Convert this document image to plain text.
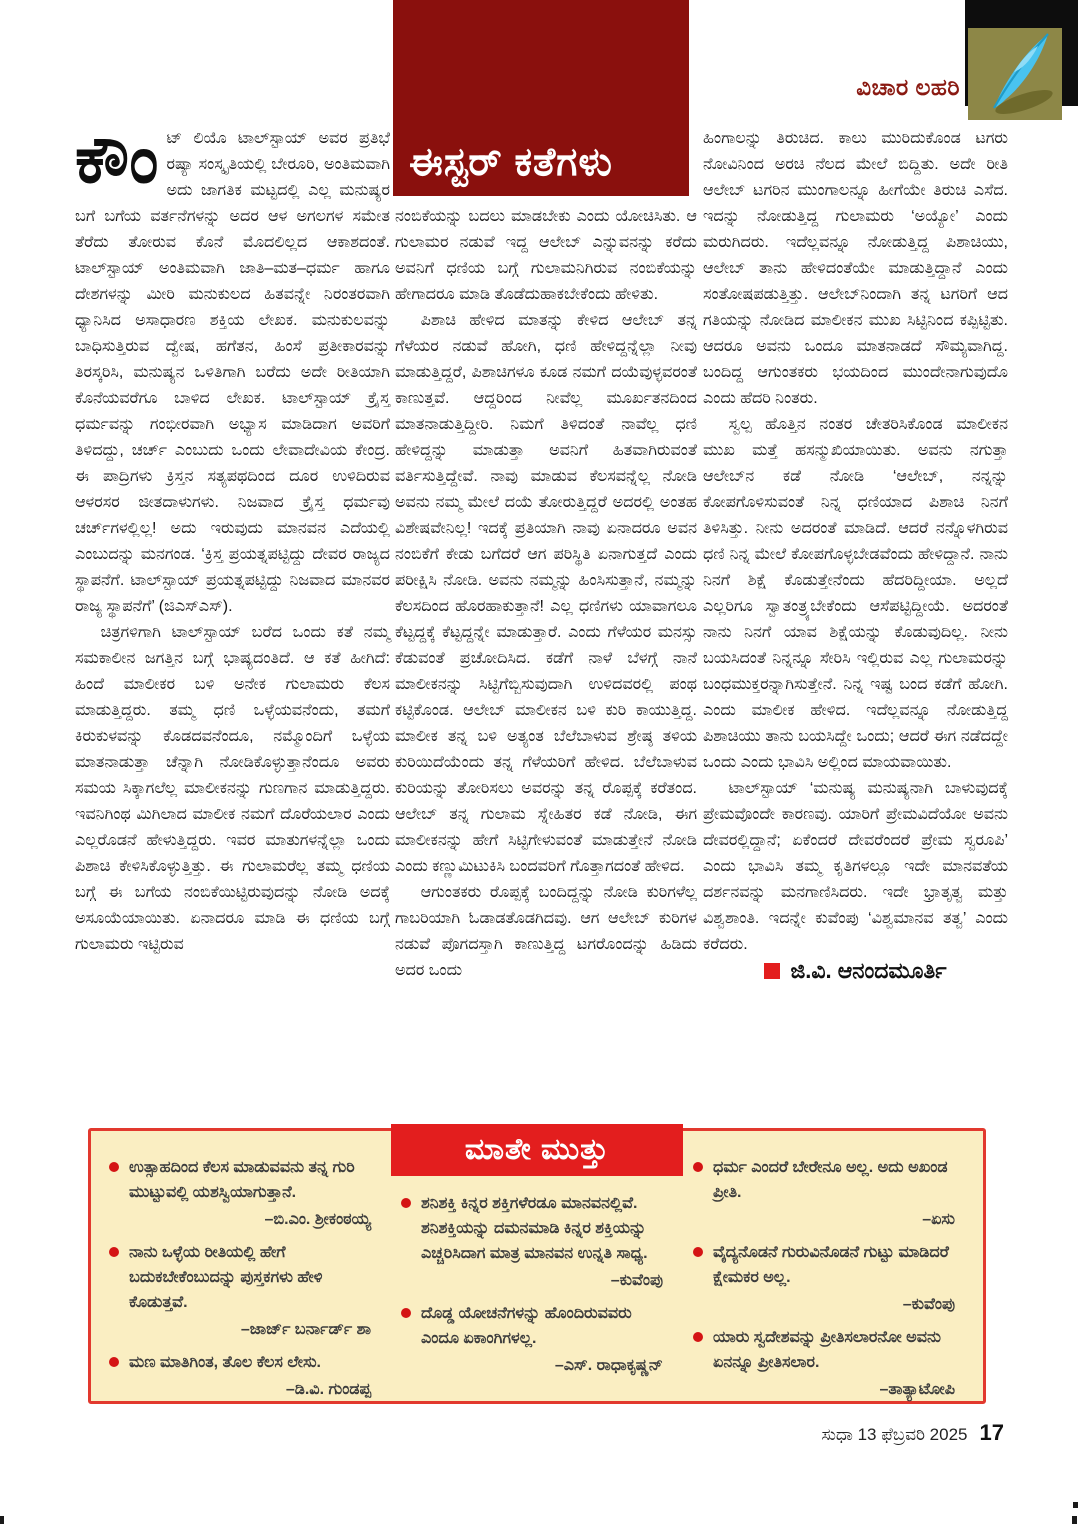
ವಿಚಾರ ಲಹರಿ
ಈಸ್ಟರ್ ಕತೆಗಳು

ಕೌಂಟ್ ಲಿಯೊ ಟಾಲ್‌ಸ್ಟಾಯ್ ಅವರ ಪ್ರತಿಭೆ ರಷ್ಯಾ ಸಂಸ್ಕೃತಿಯಲ್ಲಿ ಬೇರೂರಿ, ಅಂತಿಮವಾಗಿ ಅದು ಜಾಗತಿಕ ಮಟ್ಟದಲ್ಲಿ ಎಲ್ಲ ಮನುಷ್ಯರ ಬಗೆ ಬಗೆಯ ವರ್ತನೆಗಳನ್ನು ಅದರ ಆಳ ಅಗಲಗಳ ಸಮೇತ ತೆರೆದು ತೋರುವ ಕೊನೆ ಮೊದಲಿಲ್ಲದ ಆಕಾಶದಂತೆ. ಟಾಲ್‌ಸ್ಟಾಯ್ ಅಂತಿಮವಾಗಿ ಜಾತಿ–ಮತ–ಧರ್ಮ ಹಾಗೂ ದೇಶಗಳನ್ನು ಮೀರಿ ಮನುಕುಲದ ಹಿತವನ್ನೇ ನಿರಂತರವಾಗಿ ಧ್ಯಾನಿಸಿದ ಅಸಾಧಾರಣ ಶಕ್ತಿಯ ಲೇಖಕ. ಮನುಕುಲವನ್ನು ಬಾಧಿಸುತ್ತಿರುವ ದ್ವೇಷ, ಹಗೆತನ, ಹಿಂಸೆ ಪ್ರತೀಕಾರವನ್ನು ತಿರಸ್ಕರಿಸಿ, ಮನುಷ್ಯನ ಒಳಿತಿಗಾಗಿ ಬರೆದು ಅದೇ ರೀತಿಯಾಗಿ ಕೊನೆಯವರೆಗೂ ಬಾಳಿದ ಲೇಖಕ. ಟಾಲ್‌ಸ್ಟಾಯ್ ಕ್ರೈಸ್ತ ಧರ್ಮವನ್ನು ಗಂಭೀರವಾಗಿ ಅಭ್ಯಾಸ ಮಾಡಿದಾಗ ಅವರಿಗೆ ತಿಳಿದದ್ದು, ಚರ್ಚ್ ಎಂಬುದು ಒಂದು ಲೇವಾದೇವಿಯ ಕೇಂದ್ರ. ಈ ಪಾದ್ರಿಗಳು ಕ್ರಿಸ್ತನ ಸತ್ಯಪಥದಿಂದ ದೂರ ಉಳಿದಿರುವ ಆಳರಸರ ಜೀತದಾಳುಗಳು. ನಿಜವಾದ ಕ್ರೈಸ್ತ ಧರ್ಮವು ಚರ್ಚ್‌ಗಳಲ್ಲಿಲ್ಲ! ಅದು ಇರುವುದು ಮಾನವನ ಎದೆಯಲ್ಲಿ ಎಂಬುದನ್ನು ಮನಗಂಡ. ‘ಕ್ರಿಸ್ತ ಪ್ರಯತ್ನಪಟ್ಟಿದ್ದು ದೇವರ ರಾಜ್ಯದ ಸ್ಥಾಪನೆಗೆ. ಟಾಲ್‌ಸ್ಟಾಯ್ ಪ್ರಯತ್ನಪಟ್ಟಿದ್ದು ನಿಜವಾದ ಮಾನವರ ರಾಜ್ಯ ಸ್ಥಾಪನೆಗೆ’ (ಜಿಎಸ್‌ಎಸ್).

ಚಿತ್ರಗಳಿಗಾಗಿ ಟಾಲ್‌ಸ್ಟಾಯ್ ಬರೆದ ಒಂದು ಕತೆ ನಮ್ಮ ಸಮಕಾಲೀನ ಜಗತ್ತಿನ ಬಗ್ಗೆ ಭಾಷ್ಯದಂತಿದೆ. ಆ ಕತೆ ಹೀಗಿದೆ: ಹಿಂದೆ ಮಾಲೀಕರ ಬಳಿ ಅನೇಕ ಗುಲಾಮರು ಕೆಲಸ ಮಾಡುತ್ತಿದ್ದರು. ತಮ್ಮ ಧಣಿ ಒಳ್ಳೆಯವನೆಂದು, ತಮಗೆ ಕಿರುಕುಳವನ್ನು ಕೊಡದವನೆಂದೂ, ನಮ್ಮೊಂದಿಗೆ ಒಳ್ಳೆಯ ಮಾತನಾಡುತ್ತಾ ಚೆನ್ನಾಗಿ ನೋಡಿಕೊಳ್ಳುತ್ತಾನೆಂದೂ ಅವರು ಸಮಯ ಸಿಕ್ಕಾಗಲೆಲ್ಲ ಮಾಲೀಕನನ್ನು ಗುಣಗಾನ ಮಾಡುತ್ತಿದ್ದರು. ಇವನಿಗಿಂಥ ಮಿಗಿಲಾದ ಮಾಲೀಕ ನಮಗೆ ದೊರೆಯಲಾರ ಎಂದು ಎಲ್ಲರೊಡನೆ ಹೇಳುತ್ತಿದ್ದರು. ಇವರ ಮಾತುಗಳನ್ನೆಲ್ಲಾ ಒಂದು ಪಿಶಾಚಿ ಕೇಳಿಸಿಕೊಳ್ಳುತ್ತಿತ್ತು. ಈ ಗುಲಾಮರೆಲ್ಲ ತಮ್ಮ ಧಣಿಯ ಬಗ್ಗೆ ಈ ಬಗೆಯ ನಂಬಿಕೆಯಿಟ್ಟಿರುವುದನ್ನು ನೋಡಿ ಅದಕ್ಕೆ ಅಸೂಯೆಯಾಯಿತು. ಏನಾದರೂ ಮಾಡಿ ಈ ಧಣಿಯ ಬಗ್ಗೆ ಗುಲಾಮರು ಇಟ್ಟಿರುವ

ನಂಬಿಕೆಯನ್ನು ಬದಲು ಮಾಡಬೇಕು ಎಂದು ಯೋಚಿಸಿತು. ಆ ಗುಲಾಮರ ನಡುವೆ ಇದ್ದ ಆಲೇಬ್ ಎನ್ನುವನನ್ನು ಕರೆದು ಅವನಿಗೆ ಧಣಿಯ ಬಗ್ಗೆ ಗುಲಾಮನಿಗಿರುವ ನಂಬಿಕೆಯನ್ನು ಹೇಗಾದರೂ ಮಾಡಿ ತೊಡೆದುಹಾಕಬೇಕೆಂದು ಹೇಳಿತು.

ಪಿಶಾಚಿ ಹೇಳಿದ ಮಾತನ್ನು ಕೇಳಿದ ಆಲೇಬ್ ತನ್ನ ಗೆಳೆಯರ ನಡುವೆ ಹೋಗಿ, ಧಣಿ ಹೇಳಿದ್ದನ್ನೆಲ್ಲಾ ನೀವು ಮಾಡುತ್ತಿದ್ದರೆ, ಪಿಶಾಚಿಗಳೂ ಕೂಡ ನಮಗೆ ದಯೆವುಳ್ಳವರಂತೆ ಕಾಣುತ್ತವೆ. ಆದ್ದರಿಂದ ನೀವೆಲ್ಲ ಮೂರ್ಖತನದಿಂದ ಮಾತನಾಡುತ್ತಿದ್ದೀರಿ. ನಿಮಗೆ ತಿಳಿದಂತೆ ನಾವೆಲ್ಲ ಧಣಿ ಹೇಳಿದ್ದನ್ನು ಮಾಡುತ್ತಾ ಅವನಿಗೆ ಹಿತವಾಗಿರುವಂತೆ ವರ್ತಿಸುತ್ತಿದ್ದೇವೆ. ನಾವು ಮಾಡುವ ಕೆಲಸವನ್ನೆಲ್ಲ ನೋಡಿ ಅವನು ನಮ್ಮ ಮೇಲೆ ದಯೆ ತೋರುತ್ತಿದ್ದರೆ ಅದರಲ್ಲಿ ಅಂತಹ ವಿಶೇಷವೇನಿಲ್ಲ! ಇದಕ್ಕೆ ಪ್ರತಿಯಾಗಿ ನಾವು ಏನಾದರೂ ಅವನ ನಂಬಿಕೆಗೆ ಕೇಡು ಬಗೆದರೆ ಆಗ ಪರಿಸ್ಥಿತಿ ಏನಾಗುತ್ತದೆ ಎಂದು ಪರೀಕ್ಷಿಸಿ ನೋಡಿ. ಅವನು ನಮ್ಮನ್ನು ಹಿಂಸಿಸುತ್ತಾನೆ, ನಮ್ಮನ್ನು ಕೆಲಸದಿಂದ ಹೊರಹಾಕುತ್ತಾನೆ! ಎಲ್ಲ ಧಣಿಗಳು ಯಾವಾಗಲೂ ಕೆಟ್ಟದ್ದಕ್ಕೆ ಕೆಟ್ಟದ್ದನ್ನೇ ಮಾಡುತ್ತಾರೆ. ಎಂದು ಗೆಳೆಯರ ಮನಸ್ಸು ಕೆಡುವಂತೆ ಪ್ರಚೋದಿಸಿದ. ಕಡೆಗೆ ನಾಳೆ ಬೆಳಗ್ಗೆ ನಾನೆ ಮಾಲೀಕನನ್ನು ಸಿಟ್ಟಿಗೆಬ್ಬಿಸುವುದಾಗಿ ಉಳಿದವರಲ್ಲಿ ಪಂಥ ಕಟ್ಟಿಕೊಂಡ. ಆಲೇಬ್ ಮಾಲೀಕನ ಬಳಿ ಕುರಿ ಕಾಯುತ್ತಿದ್ದ. ಮಾಲೀಕ ತನ್ನ ಬಳಿ ಅತ್ಯಂತ ಬೆಲೆಬಾಳುವ ಶ್ರೇಷ್ಠ ತಳಿಯ ಕುರಿಯಿದೆಯೆಂದು ತನ್ನ ಗೆಳೆಯರಿಗೆ ಹೇಳಿದ. ಬೆಲೆಬಾಳುವ ಕುರಿಯನ್ನು ತೋರಿಸಲು ಅವರನ್ನು ತನ್ನ ರೊಪ್ಪಕ್ಕೆ ಕರೆತಂದ. ಆಲೇಬ್ ತನ್ನ ಗುಲಾಮ ಸ್ನೇಹಿತರ ಕಡೆ ನೋಡಿ, ಈಗ ಮಾಲೀಕನನ್ನು ಹೇಗೆ ಸಿಟ್ಟಿಗೇಳುವಂತೆ ಮಾಡುತ್ತೇನೆ ನೋಡಿ ಎಂದು ಕಣ್ಣುಮಿಟುಕಿಸಿ ಬಂದವರಿಗೆ ಗೊತ್ತಾಗದಂತೆ ಹೇಳಿದ.

ಆಗುಂತಕರು ರೊಪ್ಪಕ್ಕೆ ಬಂದಿದ್ದನ್ನು ನೋಡಿ ಕುರಿಗಳೆಲ್ಲ ಗಾಬರಿಯಾಗಿ ಓಡಾಡತೊಡಗಿದವು. ಆಗ ಆಲೇಬ್ ಕುರಿಗಳ ನಡುವೆ ಪೊಗದಸ್ತಾಗಿ ಕಾಣುತ್ತಿದ್ದ ಟಗರೊಂದನ್ನು ಹಿಡಿದು ಅದರ ಒಂದು

ಹಿಂಗಾಲನ್ನು ತಿರುಚಿದ. ಕಾಲು ಮುರಿದುಕೊಂಡ ಟಗರು ನೋವಿನಿಂದ ಅರಚಿ ನೆಲದ ಮೇಲೆ ಬಿದ್ದಿತು. ಅದೇ ರೀತಿ ಆಲೇಬ್ ಟಗರಿನ ಮುಂಗಾಲನ್ನೂ ಹೀಗೆಯೇ ತಿರುಚಿ ಎಸೆದ. ಇದನ್ನು ನೋಡುತ್ತಿದ್ದ ಗುಲಾಮರು ‘ಅಯ್ಯೋ’ ಎಂದು ಮರುಗಿದರು. ಇದೆಲ್ಲವನ್ನೂ ನೋಡುತ್ತಿದ್ದ ಪಿಶಾಚಿಯು, ಆಲೇಬ್ ತಾನು ಹೇಳಿದಂತೆಯೇ ಮಾಡುತ್ತಿದ್ದಾನೆ ಎಂದು ಸಂತೋಷಪಡುತ್ತಿತ್ತು. ಆಲೇಬ್‌ನಿಂದಾಗಿ ತನ್ನ ಟಗರಿಗೆ ಆದ ಗತಿಯನ್ನು ನೋಡಿದ ಮಾಲೀಕನ ಮುಖ ಸಿಟ್ಟಿನಿಂದ ಕಪ್ಪಿಟ್ಟಿತು. ಆದರೂ ಅವನು ಒಂದೂ ಮಾತನಾಡದೆ ಸೌಮ್ಯವಾಗಿದ್ದ. ಬಂದಿದ್ದ ಆಗುಂತಕರು ಭಯದಿಂದ ಮುಂದೇನಾಗುವುದೊ ಎಂದು ಹೆದರಿ ನಿಂತರು.

ಸ್ವಲ್ಪ ಹೊತ್ತಿನ ನಂತರ ಚೇತರಿಸಿಕೊಂಡ ಮಾಲೀಕನ ಮುಖ ಮತ್ತೆ ಹಸನ್ಮುಖಿಯಾಯಿತು. ಅವನು ನಗುತ್ತಾ ಆಲೇಬ್‌ನ ಕಡೆ ನೋಡಿ ‘ಆಲೇಬ್, ನನ್ನನ್ನು ಕೋಪಗೊಳಿಸುವಂತೆ ನಿನ್ನ ಧಣಿಯಾದ ಪಿಶಾಚಿ ನಿನಗೆ ತಿಳಿಸಿತ್ತು. ನೀನು ಅದರಂತೆ ಮಾಡಿದೆ. ಆದರೆ ನನ್ನೊಳಗಿರುವ ಧಣಿ ನಿನ್ನ ಮೇಲೆ ಕೋಪಗೊಳ್ಳಬೇಡವೆಂದು ಹೇಳಿದ್ದಾನೆ. ನಾನು ನಿನಗೆ ಶಿಕ್ಷೆ ಕೊಡುತ್ತೇನೆಂದು ಹೆದರಿದ್ದೀಯಾ. ಅಲ್ಲದೆ ಎಲ್ಲರಿಗೂ ಸ್ವಾತಂತ್ರ್ಯಬೇಕೆಂದು ಆಸೆಪಟ್ಟಿದ್ದೀಯೆ. ಅದರಂತೆ ನಾನು ನಿನಗೆ ಯಾವ ಶಿಕ್ಷೆಯನ್ನು ಕೊಡುವುದಿಲ್ಲ. ನೀನು ಬಯಸಿದಂತೆ ನಿನ್ನನ್ನೂ ಸೇರಿಸಿ ಇಲ್ಲಿರುವ ಎಲ್ಲ ಗುಲಾಮರನ್ನು ಬಂಧಮುಕ್ತರನ್ನಾಗಿಸುತ್ತೇನೆ. ನಿನ್ನ ಇಷ್ಟ ಬಂದ ಕಡೆಗೆ ಹೋಗಿ. ಎಂದು ಮಾಲೀಕ ಹೇಳಿದ. ಇದೆಲ್ಲವನ್ನೂ ನೋಡುತ್ತಿದ್ದ ಪಿಶಾಚಿಯು ತಾನು ಬಯಸಿದ್ದೇ ಒಂದು; ಆದರೆ ಈಗ ನಡೆದದ್ದೇ ಒಂದು ಎಂದು ಭಾವಿಸಿ ಅಲ್ಲಿಂದ ಮಾಯವಾಯಿತು.

ಟಾಲ್‌ಸ್ಟಾಯ್ ‘ಮನುಷ್ಯ ಮನುಷ್ಯನಾಗಿ ಬಾಳುವುದಕ್ಕೆ ಪ್ರೇಮವೊಂದೇ ಕಾರಣವು. ಯಾರಿಗೆ ಪ್ರೇಮವಿದೆಯೋ ಅವನು ದೇವರಲ್ಲಿದ್ದಾನೆ; ಏಕೆಂದರೆ ದೇವರೆಂದರೆ ಪ್ರೇಮ ಸ್ವರೂಪಿ’ ಎಂದು ಭಾವಿಸಿ ತಮ್ಮ ಕೃತಿಗಳಲ್ಲೂ ಇದೇ ಮಾನವತೆಯ ದರ್ಶನವನ್ನು ಮನಗಾಣಿಸಿದರು. ಇದೇ ಭ್ರಾತೃತ್ವ ಮತ್ತು ವಿಶ್ವಶಾಂತಿ. ಇದನ್ನೇ ಕುವೆಂಪು ‘ವಿಶ್ವಮಾನವ ತತ್ವ’ ಎಂದು ಕರೆದರು.

ಜಿ.ವಿ. ಆನಂದಮೂರ್ತಿ

ಮಾತೇ ಮುತ್ತು
ಉತ್ಸಾಹದಿಂದ ಕೆಲಸ ಮಾಡುವವನು ತನ್ನ ಗುರಿ ಮುಟ್ಟುವಲ್ಲಿ ಯಶಸ್ವಿಯಾಗುತ್ತಾನೆ.
–ಬಿ.ಎಂ. ಶ್ರೀಕಂಠಯ್ಯ
ನಾನು ಒಳ್ಳೆಯ ರೀತಿಯಲ್ಲಿ ಹೇಗೆ ಬದುಕಬೇಕೆಂಬುದನ್ನು ಪುಸ್ತಕಗಳು ಹೇಳಿ ಕೊಡುತ್ತವೆ.
–ಜಾರ್ಜ್ ಬರ್ನಾರ್ಡ್ ಶಾ
ಮಣ ಮಾತಿಗಿಂತ, ತೊಲ ಕೆಲಸ ಲೇಸು.
–ಡಿ.ವಿ. ಗುಂಡಪ್ಪ
ಶನಿಶಕ್ತಿ ಕಿನ್ನರ ಶಕ್ತಿಗಳೆರಡೂ ಮಾನವನಲ್ಲಿವೆ. ಶನಿಶಕ್ತಿಯನ್ನು ದಮನಮಾಡಿ ಕಿನ್ನರ ಶಕ್ತಿಯನ್ನು ಎಚ್ಚರಿಸಿದಾಗ ಮಾತ್ರ ಮಾನವನ ಉನ್ನತಿ ಸಾಧ್ಯ.
–ಕುವೆಂಪು
ದೊಡ್ಡ ಯೋಚನೆಗಳನ್ನು ಹೊಂದಿರುವವರು ಎಂದೂ ಏಕಾಂಗಿಗಳಲ್ಲ.
–ಎಸ್. ರಾಧಾಕೃಷ್ಣನ್
ಧರ್ಮ ಎಂದರೆ ಬೇರೇನೂ ಅಲ್ಲ. ಅದು ಅಖಂಡ ಪ್ರೀತಿ.
–ಏಸು
ವೈದ್ಯನೊಡನೆ ಗುರುವಿನೊಡನೆ ಗುಟ್ಟು ಮಾಡಿದರೆ ಕ್ಷೇಮಕರ ಅಲ್ಲ.
–ಕುವೆಂಪು
ಯಾರು ಸ್ವದೇಶವನ್ನು ಪ್ರೀತಿಸಲಾರನೋ ಅವನು ಏನನ್ನೂ ಪ್ರೀತಿಸಲಾರ.
–ತಾತ್ಯಾಟೋಪಿ
ಸುಧಾ 13 ಫೆಬ್ರವರಿ 2025 17
